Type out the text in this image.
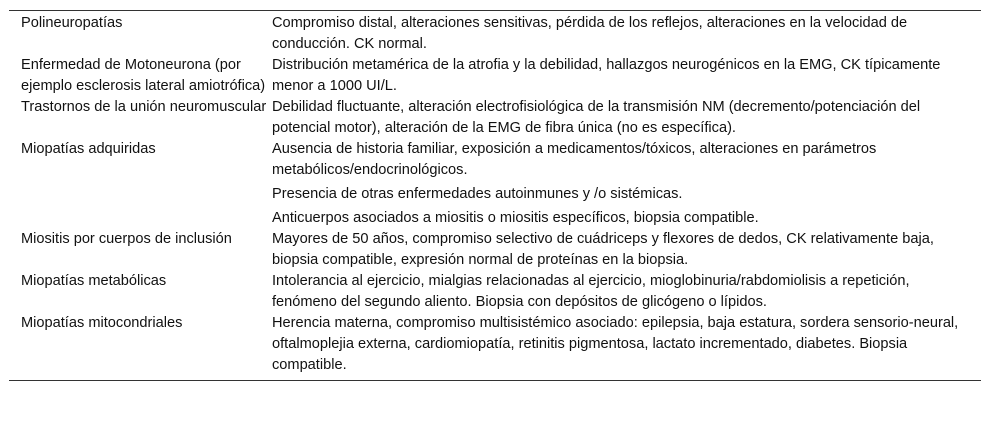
Polineuropatías	Compromiso distal, alteraciones sensitivas, pérdida de los reflejos, alteraciones en la velocidad de conducción. CK normal.

Enfermedad de Motoneurona (por ejemplo esclerosis lateral amiotrófica)	Distribución metamérica de la atrofia y la debilidad, hallazgos neurogénicos en la EMG, CK típicamente menor a 1000 UI/L.

Trastornos de la unión neuromuscular	Debilidad fluctuante, alteración electrofisiológica de la transmisión NM (decremento/potenciación del potencial motor), alteración de la EMG de fibra única (no es específica).

Miopatías adquiridas	Ausencia de historia familiar, exposición a medicamentos/tóxicos, alteraciones en parámetros metabólicos/endocrinológicos.
Presencia de otras enfermedades autoinmunes y /o sistémicas.
Anticuerpos asociados a miositis o miositis específicos, biopsia compatible.

Miositis por cuerpos de inclusión	Mayores de 50 años, compromiso selectivo de cuádriceps y flexores de dedos, CK relativamente baja, biopsia compatible, expresión normal de proteínas en la biopsia.

Miopatías metabólicas	Intolerancia al ejercicio, mialgias relacionadas al ejercicio, mioglobinuria/rabdomiolisis a repetición, fenómeno del segundo aliento. Biopsia con depósitos de glicógeno o lípidos.

Miopatías mitocondriales	Herencia materna, compromiso multisistémico asociado: epilepsia, baja estatura, sordera sensorio-neural, oftalmoplejia externa, cardiomiopatía, retinitis pigmentosa, lactato incrementado, diabetes. Biopsia compatible.
